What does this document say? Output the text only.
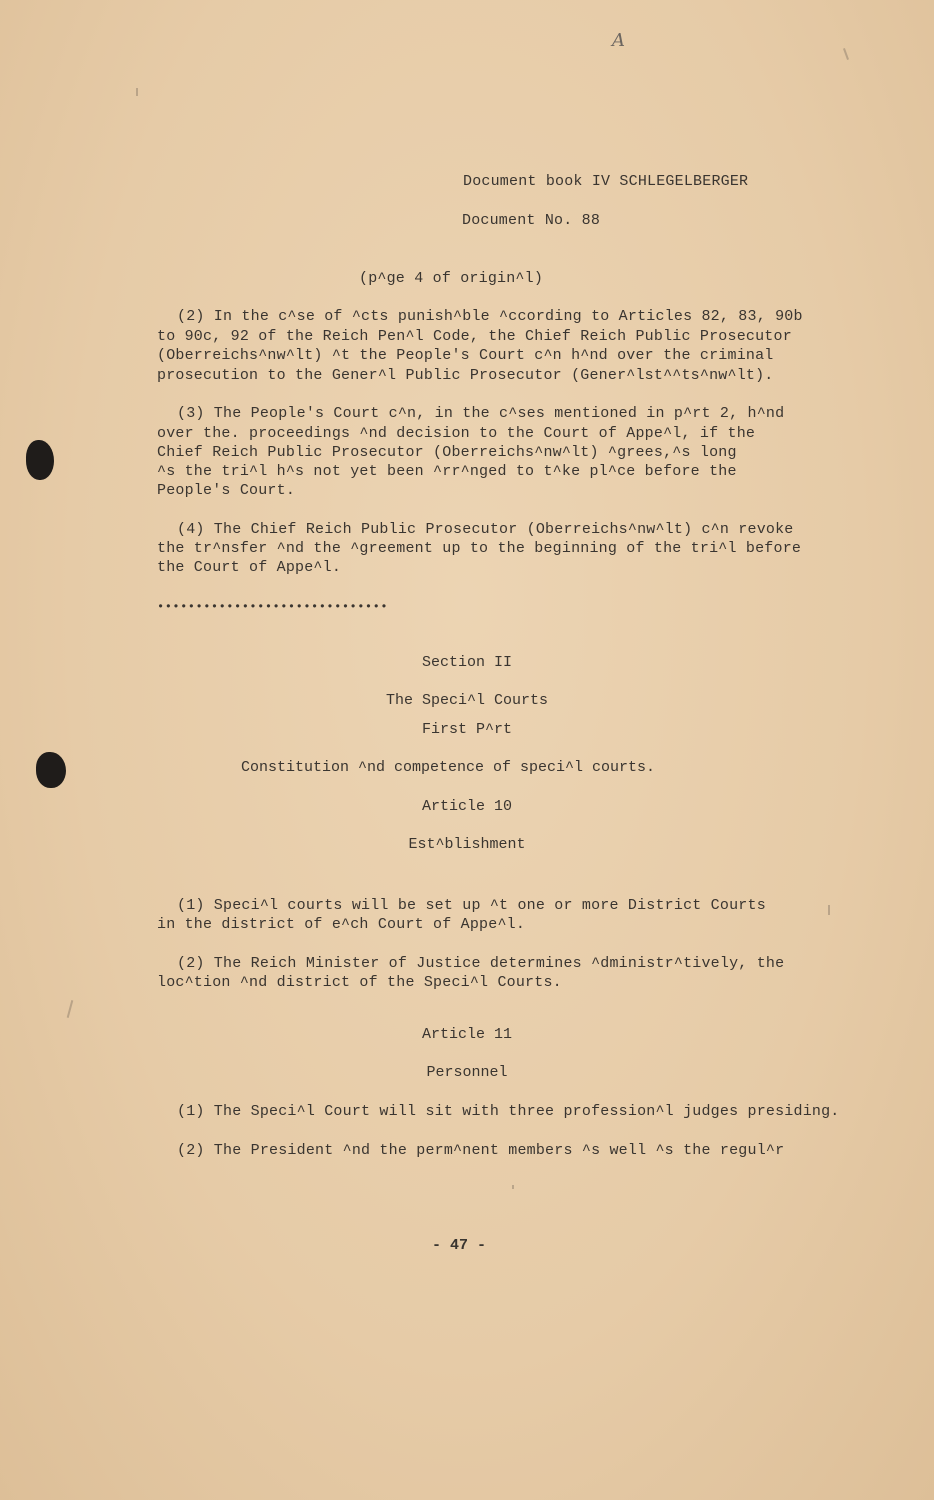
A
Document book IV SCHLEGELBERGER
Document No. 88
(p^ge 4 of origin^l)
(2) In the c^se of ^cts punish^ble ^ccording to Articles 82, 83, 90b
to 90c, 92 of the Reich Pen^l Code, the Chief Reich Public Prosecutor
(Oberreichs^nw^lt) ^t the People's Court c^n h^nd over the criminal
prosecution to the Gener^l Public Prosecutor (Gener^lst^^ts^nw^lt).
(3) The People's Court c^n, in the c^ses mentioned in p^rt 2, h^nd
over the. proceedings ^nd decision to the Court of Appe^l, if the
Chief Reich Public Prosecutor (Oberreichs^nw^lt) ^grees,^s long
^s the tri^l h^s not yet been ^rr^nged to t^ke pl^ce before the
People's Court.
(4) The Chief Reich Public Prosecutor (Oberreichs^nw^lt) c^n revoke
the tr^nsfer ^nd the ^greement up to the beginning of the tri^l before
the Court of Appe^l.
••••••••••••••••••••••••••••••
Section II
The Speci^l Courts
First P^rt
Constitution ^nd competence of speci^l courts.
Article 10
Est^blishment
(1) Speci^l courts will be set up ^t one or more District Courts
in the district of e^ch Court of Appe^l.
(2) The Reich Minister of Justice determines ^dministr^tively, the
loc^tion ^nd district of the Speci^l Courts.
Article 11
Personnel
(1) The Speci^l Court will sit with three profession^l judges presiding.
(2) The President ^nd the perm^nent members ^s well ^s the regul^r
- 47 -
